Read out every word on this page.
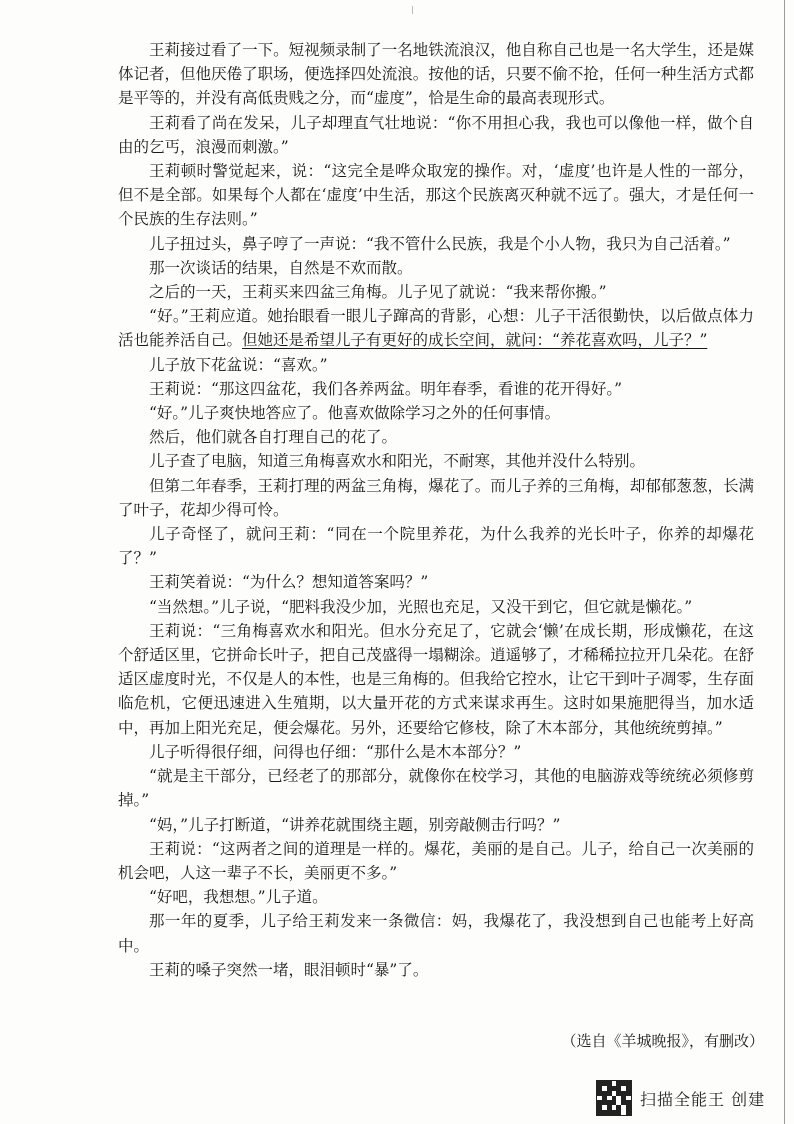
王莉接过看了一下。短视频录制了一名地铁流浪汉，他自称自己也是一名大学生，还是媒体记者，但他厌倦了职场，便选择四处流浪。按他的话，只要不偷不抢，任何一种生活方式都是平等的，并没有高低贵贱之分，而“虚度”，恰是生命的最高表现形式。

王莉看了尚在发呆，儿子却理直气壮地说：“你不用担心我，我也可以像他一样，做个自由的乞丐，浪漫而刺激。”

王莉顿时警觉起来，说：“这完全是哗众取宠的操作。对，‘虚度’也许是人性的一部分，但不是全部。如果每个人都在‘虚度’中生活，那这个民族离灭种就不远了。强大，才是任何一个民族的生存法则。”

儿子扭过头，鼻子哼了一声说：“我不管什么民族，我是个小人物，我只为自己活着。”

那一次谈话的结果，自然是不欢而散。

之后的一天，王莉买来四盆三角梅。儿子见了就说：“我来帮你搬。”

“好。”王莉应道。她抬眼看一眼儿子蹿高的背影，心想：儿子干活很勤快，以后做点体力活也能养活自己。但她还是希望儿子有更好的成长空间，就问：“养花喜欢吗，儿子？”

儿子放下花盆说：“喜欢。”

王莉说：“那这四盆花，我们各养两盆。明年春季，看谁的花开得好。”

“好。”儿子爽快地答应了。他喜欢做除学习之外的任何事情。

然后，他们就各自打理自己的花了。

儿子查了电脑，知道三角梅喜欢水和阳光，不耐寒，其他并没什么特别。

但第二年春季，王莉打理的两盆三角梅，爆花了。而儿子养的三角梅，却郁郁葱葱，长满了叶子，花却少得可怜。

儿子奇怪了，就问王莉：“同在一个院里养花，为什么我养的光长叶子，你养的却爆花了？”

王莉笑着说：“为什么？想知道答案吗？”

“当然想。”儿子说，“肥料我没少加，光照也充足，又没干到它，但它就是懒花。”

王莉说：“三角梅喜欢水和阳光。但水分充足了，它就会‘懒’在成长期，形成懒花，在这个舒适区里，它拼命长叶子，把自己茂盛得一塌糊涂。逍遥够了，才稀稀拉拉开几朵花。在舒适区虚度时光，不仅是人的本性，也是三角梅的。但我给它控水，让它干到叶子凋零，生存面临危机，它便迅速进入生殖期，以大量开花的方式来谋求再生。这时如果施肥得当，加水适中，再加上阳光充足，便会爆花。另外，还要给它修枝，除了木本部分，其他统统剪掉。”

儿子听得很仔细，问得也仔细：“那什么是木本部分？”

“就是主干部分，已经老了的那部分，就像你在校学习，其他的电脑游戏等统统必须修剪掉。”

“妈，”儿子打断道，“讲养花就围绕主题，别旁敲侧击行吗？”

王莉说：“这两者之间的道理是一样的。爆花，美丽的是自己。儿子，给自己一次美丽的机会吧，人这一辈子不长，美丽更不多。”

“好吧，我想想。”儿子道。

那一年的夏季，儿子给王莉发来一条微信：妈，我爆花了，我没想到自己也能考上好高中。

王莉的嗓子突然一堵，眼泪顿时“暴”了。

（选自《羊城晚报》，有删改）
扫描全能王 创建
